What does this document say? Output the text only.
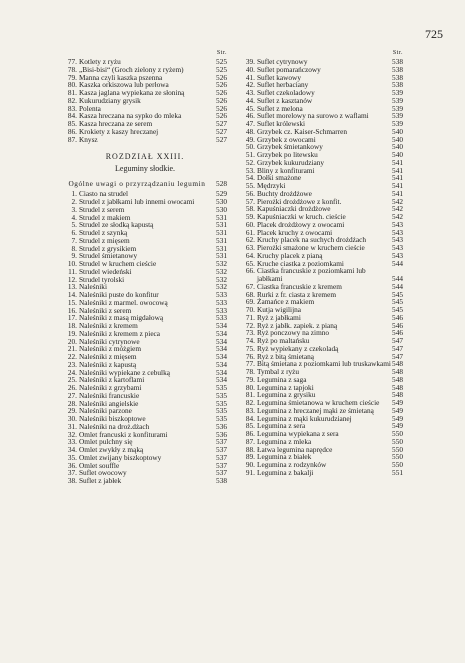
725
Str.
77. Kotlety z ryżu	525
78. „Bisi-bisi“ (Groch zielony z ryżem)	525
79. Manna czyli kaszka pszenna	526
80. Kaszka orkiszowa lub perłowa	526
81. Kasza jaglana wypiekana ze słoniną	526
82. Kukurudziany grysik	526
83. Polenta	526
84. Kasza hreczana na sypko do mleka	526
85. Kasza hreczana ze serem	527
86. Krokiety z kaszy hreczanej	527
87. Knysz	527
ROZDZIAŁ XXIII.
Leguminy słodkie.
Ogólne uwagi o przyrządzaniu legumin 528
1. Ciasto na strudel	529
2. Strudel z jabłkami lub innemi owocami	530
3. Strudel z serem	530
4. Strudel z makiem	531
5. Strudel ze słodką kapustą	531
6. Strudel z szynką	531
7. Strudel z mięsem	531
8. Strudel z grysikiem	531
9. Strudel śmietanowy	531
10. Strudel w kruchem cieście	532
11. Strudel wiedeński	532
12. Strudel tyrolski	532
13. Naleśniki	532
14. Naleśniki puste do konfitur	533
15. Naleśniki z marmel. owocową	533
16. Naleśniki z serem	533
17. Naleśniki z masą migdałową	533
18. Naleśniki z kremem	534
19. Naleśniki z kremem z pieca	534
20. Naleśniki cytrynowe	534
21. Naleśniki z móżgiem	534
22. Naleśniki z mięsem	534
23. Naleśniki z kapustą	534
24. Naleśniki wypiekane z cebulką	534
25. Naleśniki z kartoflami	534
26. Naleśniki z grzybami	535
27. Naleśniki francuskie	535
28. Naleśniki angielskie	535
29. Naleśniki parzone	535
30. Naleśniki biszkoptowe	535
31. Naleśniki na droż.dżach	536
32. Omlet francuski z konfiturami	536
33. Omlet pulchny się	537
34. Omlet zwykły z mąką	537
35. Omlet zwijany biszkoptowy	537
36. Omlet souffle	537
37. Suflet owocowy	537
38. Suflet z jabłek	538
Str.
39. Suflet cytrynowy	538
40. Suflet pomarańczowy	538
41. Suflet kawowy	538
42. Suflet herbaciany	538
43. Suflet czekoladowy	539
44. Suflet z kasztanów	539
45. Suflet z melona	539
46. Suflet morelowy na surowo z waflami	539
47. Suflet królewski	539
48. Grzybek cz. Kaiser-Schmarren	540
49. Grzybek z owocami	540
50. Grzybek śmietankowy	540
51. Grzybek po litewsku	540
52. Grzybek kukurudziany	541
53. Bliny z konfiturami	541
54. Dołki smażone	541
55. Mędrzyki	541
56. Buchty drożdżowe	541
57. Pierożki drożdżowe z konfit.	542
58. Kapuśniaczki drożdżowe	542
59. Kapuśniaczki w kruch. cieście	542
60. Placek drożdżowy z owocami	543
61. Placek kruchy z owocami	543
62. Kruchy placek na suchych drożdżach	543
63. Pierożki smażone w kruchem cieście	543
64. Kruchy placek z pianą	543
65. Kruche ciastka z poziomkami	544
66. Ciastka francuskie z poziomkami lub jabłkami	544
67. Ciastka francuskie z kremem	544
68. Rurki z fr. ciasta z kremem	545
69. Żamańce z makiem	545
70. Kutja wigilijna	545
71. Ryż z jabłkami	546
72. Ryż z jabłk. zapiek. z pianą	546
73. Ryż ponczowy na zimno	546
74. Ryż po maltańsku	547
75. Ryż wypiekany z czekoladą	547
76. Ryż z bitą śmietaną	547
77. Bitą śmietana z poziomkami lub truskawkami 548
78. Tymbal z ryżu	548
79. Legumina z saga	548
80. Legumina z tapjoki	548
81. Legumina z grysiku	548
82. Legumina śmietanowa w kruchem cieście	549
83. Legumina z hreczanej mąki ze śmietaną	549
84. Legumina z mąki kukurudzianej	549
85. Legumina z sera	549
86. Legumina wypiekana z sera	550
87. Legumina z mleka	550
88. Łatwa legumina naprędce	550
89. Legumina z białek	550
90. Legumina z rodzynków	550
91. Legumina z bakalji	551
